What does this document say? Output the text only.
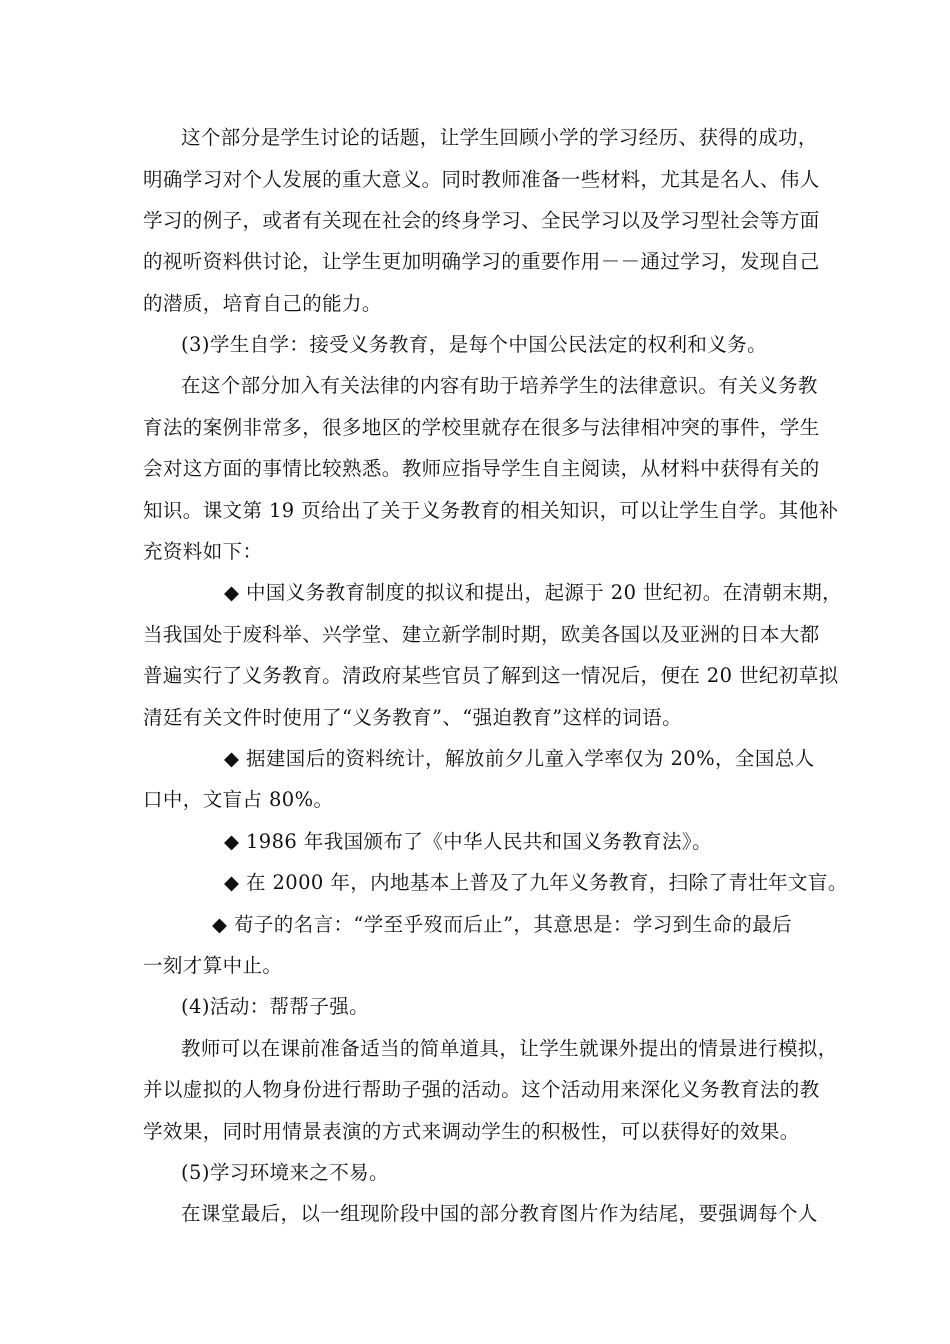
这个部分是学生讨论的话题，让学生回顾小学的学习经历、获得的成功，
明确学习对个人发展的重大意义。同时教师准备一些材料，尤其是名人、伟人
学习的例子，或者有关现在社会的终身学习、全民学习以及学习型社会等方面
的视听资料供讨论，让学生更加明确学习的重要作用－－通过学习，发现自己
的潜质，培育自己的能力。
(3)学生自学：接受义务教育，是每个中国公民法定的权利和义务。
在这个部分加入有关法律的内容有助于培养学生的法律意识。有关义务教
育法的案例非常多，很多地区的学校里就存在很多与法律相冲突的事件，学生
会对这方面的事情比较熟悉。教师应指导学生自主阅读，从材料中获得有关的
知识。课文第 19 页给出了关于义务教育的相关知识，可以让学生自学。其他补
充资料如下：
◆ 中国义务教育制度的拟议和提出，起源于 20 世纪初。在清朝末期，
当我国处于废科举、兴学堂、建立新学制时期，欧美各国以及亚洲的日本大都
普遍实行了义务教育。清政府某些官员了解到这一情况后，便在 20 世纪初草拟
清廷有关文件时使用了“义务教育”、“强迫教育”这样的词语。
◆ 据建国后的资料统计，解放前夕儿童入学率仅为 20%，全国总人
口中，文盲占 80%。
◆ 1986 年我国颁布了《中华人民共和国义务教育法》。
◆ 在 2000 年，内地基本上普及了九年义务教育，扫除了青壮年文盲。
◆ 荀子的名言：“学至乎歿而后止”，其意思是：学习到生命的最后
一刻才算中止。
(4)活动：帮帮子强。
教师可以在课前准备适当的简单道具，让学生就课外提出的情景进行模拟，
并以虚拟的人物身份进行帮助子强的活动。这个活动用来深化义务教育法的教
学效果，同时用情景表演的方式来调动学生的积极性，可以获得好的效果。
(5)学习环境来之不易。
在课堂最后，以一组现阶段中国的部分教育图片作为结尾，要强调每个人
